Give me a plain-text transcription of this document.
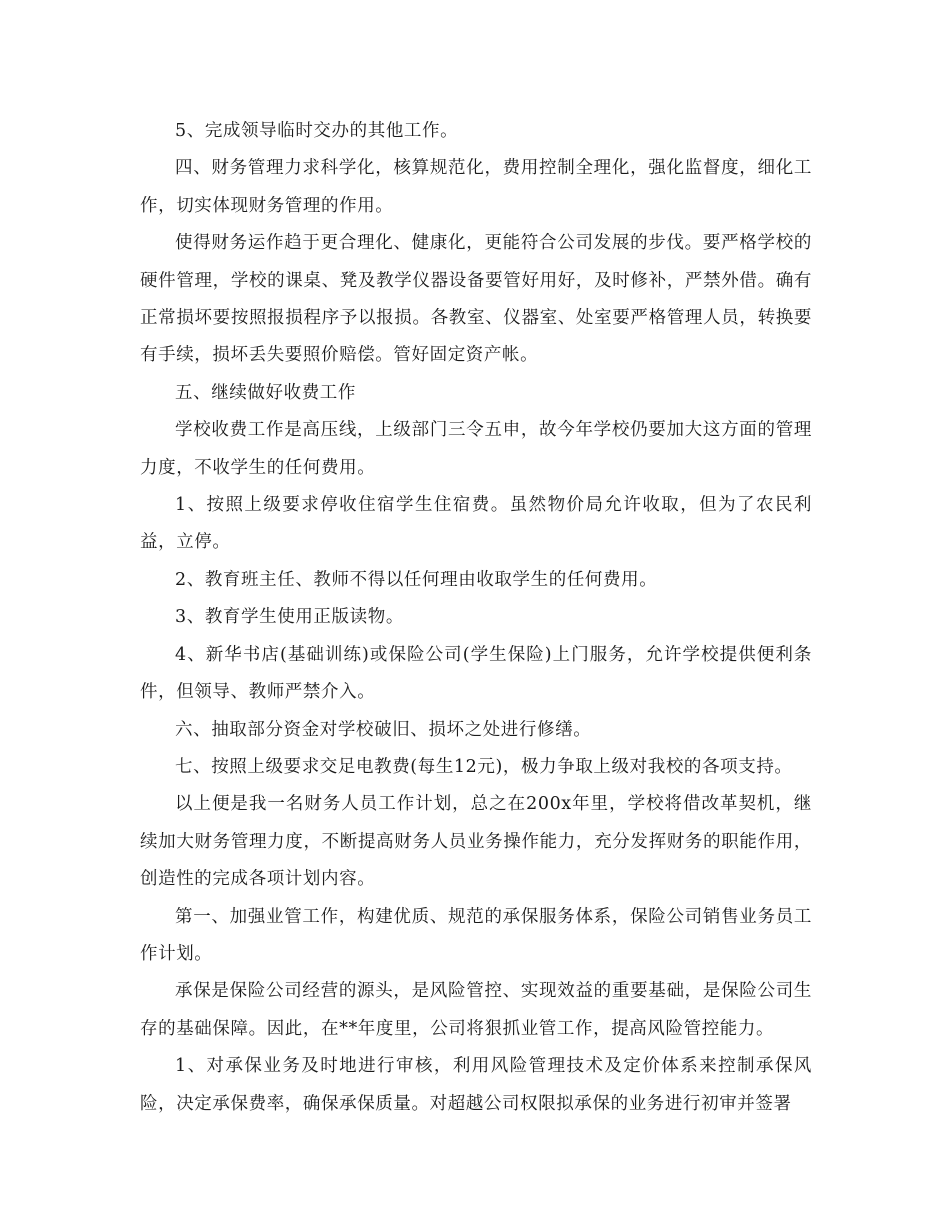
5、完成领导临时交办的其他工作。

四、财务管理力求科学化，核算规范化，费用控制全理化，强化监督度，细化工作，切实体现财务管理的作用。

使得财务运作趋于更合理化、健康化，更能符合公司发展的步伐。要严格学校的硬件管理，学校的课桌、凳及教学仪器设备要管好用好，及时修补，严禁外借。确有正常损坏要按照报损程序予以报损。各教室、仪器室、处室要严格管理人员，转换要有手续，损坏丢失要照价赔偿。管好固定资产帐。

五、继续做好收费工作

学校收费工作是高压线，上级部门三令五申，故今年学校仍要加大这方面的管理力度，不收学生的任何费用。

1、按照上级要求停收住宿学生住宿费。虽然物价局允许收取，但为了农民利益，立停。

2、教育班主任、教师不得以任何理由收取学生的任何费用。

3、教育学生使用正版读物。

4、新华书店(基础训练)或保险公司(学生保险)上门服务，允许学校提供便利条件，但领导、教师严禁介入。

六、抽取部分资金对学校破旧、损坏之处进行修缮。

七、按照上级要求交足电教费(每生12元)，极力争取上级对我校的各项支持。

以上便是我一名财务人员工作计划，总之在200x年里，学校将借改革契机，继续加大财务管理力度，不断提高财务人员业务操作能力，充分发挥财务的职能作用，创造性的完成各项计划内容。

第一、加强业管工作，构建优质、规范的承保服务体系，保险公司销售业务员工作计划。

承保是保险公司经营的源头，是风险管控、实现效益的重要基础，是保险公司生存的基础保障。因此，在**年度里，公司将狠抓业管工作，提高风险管控能力。

1、对承保业务及时地进行审核，利用风险管理技术及定价体系来控制承保风险，决定承保费率，确保承保质量。对超越公司权限拟承保的业务进行初审并签署
